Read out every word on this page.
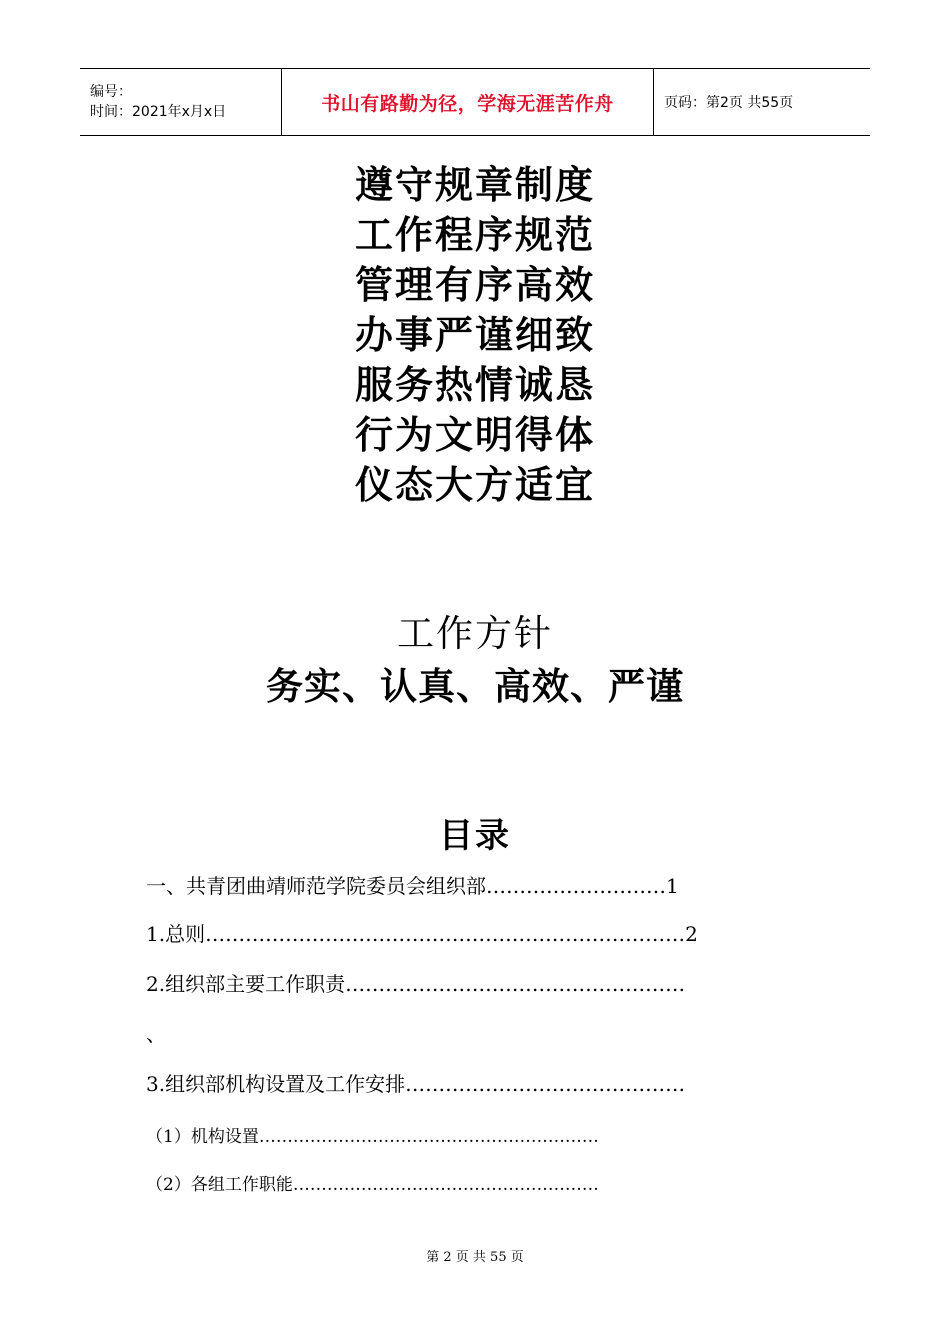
编号：
时间：2021年x月x日	书山有路勤为径，学海无涯苦作舟	页码：第2页 共55页
遵守规章制度
工作程序规范
管理有序高效
办事严谨细致
服务热情诚恳
行为文明得体
仪态大方适宜
工作方针
务实、认真、高效、严谨
目录
一、共青团曲靖师范学院委员会组织部………………………1
1.总则………………………………………………………………2
2.组织部主要工作职责……………………………………………
、
3.组织部机构设置及工作安排……………………………………
（1）机构设置……………………………………………………
（2）各组工作职能………………………………………………
第 2 页 共 55 页
